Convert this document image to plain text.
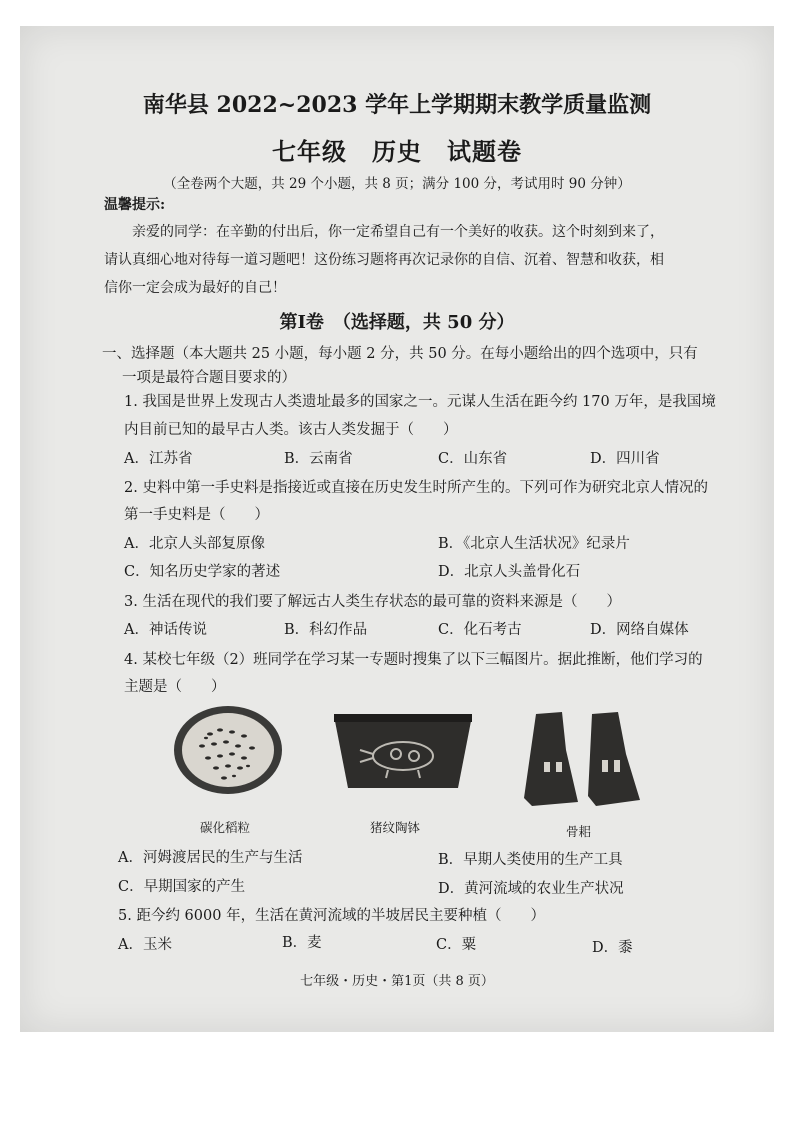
南华县 2022~2023 学年上学期期末教学质量监测
七年级　历史　试题卷
（全卷两个大题，共 29 个小题，共 8 页；满分 100 分，考试用时 90 分钟）
温馨提示:

亲爱的同学：在辛勤的付出后，你一定希望自己有一个美好的收获。这个时刻到来了，

请认真细心地对待每一道习题吧！这份练习题将再次记录你的自信、沉着、智慧和收获，相

信你一定会成为最好的自己！

第Ⅰ卷　（选择题，共 50 分）
一、选择题（本大题共 25 小题，每小题 2 分，共 50 分。在每小题给出的四个选项中，只有
一项是最符合题目要求的）
1. 我国是世界上发现古人类遗址最多的国家之一。元谋人生活在距今约 170 万年，是我国境
内目前已知的最早古人类。该古人类发掘于（　　）
A．江苏省	B．云南省	C．山东省	D．四川省
2. 史料中第一手史料是指接近或直接在历史发生时所产生的。下列可作为研究北京人情况的
第一手史料是（　　）
A．北京人头部复原像	B．《北京人生活状况》纪录片
C．知名历史学家的著述	D．北京人头盖骨化石
3. 生活在现代的我们要了解远古人类生存状态的最可靠的资料来源是（　　）
A．神话传说	B．科幻作品	C．化石考古	D．网络自媒体
4. 某校七年级（2）班同学在学习某一专题时搜集了以下三幅图片。据此推断，他们学习的
主题是（　　）
碳化稻粒	猪纹陶钵	骨耜
A．河姆渡居民的生产与生活	B．早期人类使用的生产工具
C．早期国家的产生	D．黄河流域的农业生产状况
5. 距今约 6000 年，生活在黄河流域的半坡居民主要种植（　　）
A．玉米	B．麦	C．粟	D．黍
七年级・历史・第1页（共 8 页）
